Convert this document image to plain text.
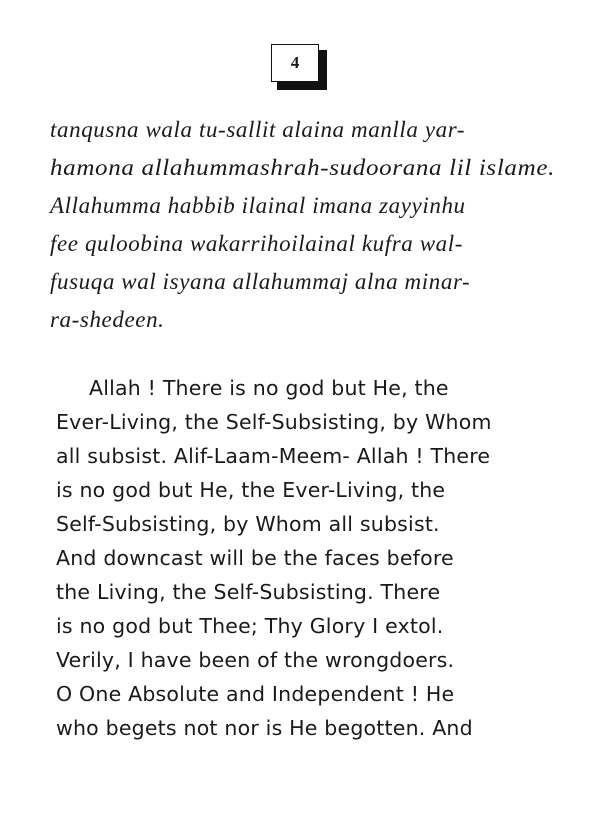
4
tanqusna wala tu-sallit alaina manlla yar-
hamona allahummashrah-sudoorana lil islame.
Allahumma habbib ilainal imana zayyinhu
fee quloobina wakarrihoilainal kufra wal-
fusuqa wal isyana allahummaj alna minar-
ra-shedeen.
Allah ! There is no god but He, the
Ever-Living, the Self-Subsisting, by Whom
all subsist. Alif-Laam-Meem- Allah ! There
is no god but He, the Ever-Living, the
Self-Subsisting, by Whom all subsist.
And downcast will be the faces before
the Living, the Self-Subsisting. There
is no god but Thee; Thy Glory I extol.
Verily, I have been of the wrongdoers.
O One Absolute and Independent ! He
who begets not nor is He begotten. And
